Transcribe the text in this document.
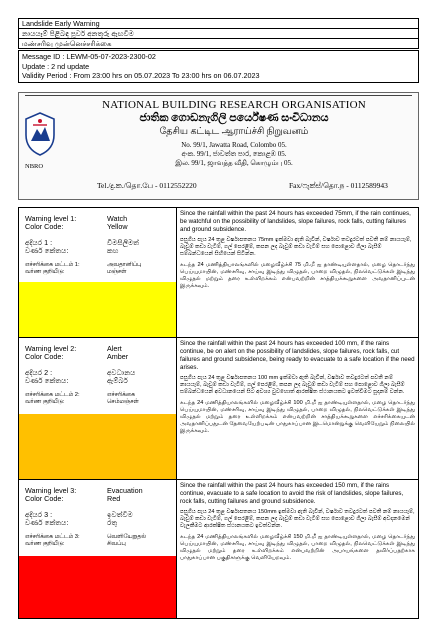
Landslide Early Warning
නායයෑම් පිළිබඳ පූර්ව අනතුරු ඇඟවීම
மண்சரிவு முன்னெச்சரிக்கை
Message ID : LEWM-05-07-2023-2300-02
Update : 2 nd update
Validity Period : From 23:00 hrs on 05.07.2023 To 23:00 hrs on 06.07.2023
NBRO
NATIONAL BUILDING RESEARCH ORGANISATION
ජාතික ගොඩනැගිලි පර්යේෂණ සංවිධානය
தேசிய கட்டிட ஆராய்ச்சி நிறுவனம்
No. 99/1, Jawatta Road, Colombo 05.
අංක. 99/1, ජාවත්ත පාර, කොළඹ 05.
இல. 99/1, ஜாவத்த வீதி, கொழும்பு 05.
Tel./දු.ක./தொ.பே - 0112552220	Fax/ෆැක්ස්/தொ.ந - 0112589943
Warning level 1:
Color Code:
Watch
Yellow
අදියර 1 :
වර්ණ කේතය:
විමසිලිමත්
කහ
எச்சரிக்கை மட்டம் 1:
வர்ண குறியீடு:
அவதானிப்பு
மஞ்சள்

Since the rainfall within the past 24 hours has exceeded 75mm, if the rain continues, be watchful on the possibility of landslides, slope failures, rock falls, cutting failures and ground subsidence.

පසුගිය පැය 24 තුළ වර්ෂාපතනය 75mm ඉක්මවා ඇති බැවින්, වර්ෂාව තවදුරටත් පවතී නම් නායයෑම්, බෑවුම් කඩා වැටීම්, ගල් පෙරළීම්, කපන ලද බෑවුම් කඩා වැටීම් සහ පොළොව ගිලා බැසීම් සම්බන්ධයෙන් සිහියෙන් සිටින්න.

கடந்த 24 மணித்தியாலங்களில் மழைவீழ்ச்சி 75 மி.மீ ஐ தாண்டியுள்ளதால், மழை தொடர்ந்து பெய்யுமாயின், மண்சரிவு, சாய்வு இடிந்து விழுதல், பாறை விழுதல், நிலவெட்டுக்கள் இடிந்து விழுதல் மற்றும் தரை உள்ளிறக்கம் என்பவற்றின் சாத்தியக்கூறுகளை அவதானிப்புடன் இருக்கவும்.

Warning level 2:
Color Code:
Alert
Amber
අදියර 2 :
වර්ණ කේතය:
අවධානය
ඇම්බර්
எச்சரிக்கை மட்டம் 2:
வர்ண குறியீடு:
எச்சரிக்கை
செம்மஞ்சள்

Since the rainfall within the past 24 hours has exceeded 100 mm, if the rains continue, be on alert on the possibility of landslides, slope failures, rock falls, cut failures and ground subsidence, being ready to evacuate to a safe location if the need arises.

පසුගිය පැය 24 තුළ වර්ෂාපතනය 100 mm ඉක්මවා ඇති බැවින්, වර්ෂාව තවදුරටත් පවතී නම් නායයෑම්, බෑවුම් කඩා වැටීම්, ගල් පෙරළීම්, කපන ලද බෑවුම් කඩා වැටීම් සහ පොළොව ගිලා බැසීම් සම්බන්ධයෙන් අවධානයෙන් සිට අවශ්‍ය වුවහොත් ආරක්ෂිත ස්ථානයකට ඉවත්වීමට සූදානම් වන්න.

கடந்த 24 மணித்தியாலங்களில் மழைவீழ்ச்சி 100 மி.மீ ஐ தாண்டியுள்ளதால், மழை தொடர்ந்து பெய்யுமாயின், மண்சரிவு, சாய்வு இடிந்து விழுதல், பாறை விழுதல், நிலவெட்டுக்கள் இடிந்து விழுதல் மற்றும் தரை உள்ளிறக்கம் என்பவற்றின் சாத்தியக்கூறுகளை எச்சரிக்கையுடன் அவதானிப்பதுடன் தேவையேற்படின் பாதுகாப்பான இடமொன்றுக்கு வெளியேறும் நிலையில் இருக்கவும்.

Warning level 3:
Color Code:
Evacuation
Red
අදියර 3 :
වර්ණ කේතය:
ඉවත්වීම
රතු
எச்சரிக்கை மட்டம் 3:
வர்ண குறியீடு:
வெளியேறுதல்
சிவப்பு

Since the rainfall within the past 24 hours has exceeded 150 mm, if the rains continue, evacuate to a safe location to avoid the risk of landslides, slope failures, rock falls, cutting failures and ground subsidence.

පසුගිය පැය 24 තුළ වර්ෂාපතනය 150mm ඉක්මවා ඇති බැවින්, වර්ෂාව තවදුරටත් පවතී නම් නායයෑම්, බෑවුම් කඩා වැටීම්, ගල් පෙරළීම්, කපන ලද බෑවුම් කඩා වැටීම් සහ පොළොව ගිලා බැසීම් අවදානමෙන් වැලකීමට ආරක්ෂිත ස්ථානයකට ඉවත්වන්න.

கடந்த 24 மணித்தியாலங்களில் மழைவீழ்ச்சி 150 மி.மீ ஐ தாண்டியுள்ளதால், மழை தொடர்ந்து பெய்யுமாயின், மண்சரிவு, சாய்வு இடிந்து விழுதல், பாறை விழுதல், நிலவெட்டுக்கள் இடிந்து விழுதல் மற்றும் தரை உள்ளிறக்கம் என்பவற்றின் அபாயங்களை தவிர்ப்பதற்காக பாதுகாப்பான பகுதிகளுக்கு வெளியேறவும்.
